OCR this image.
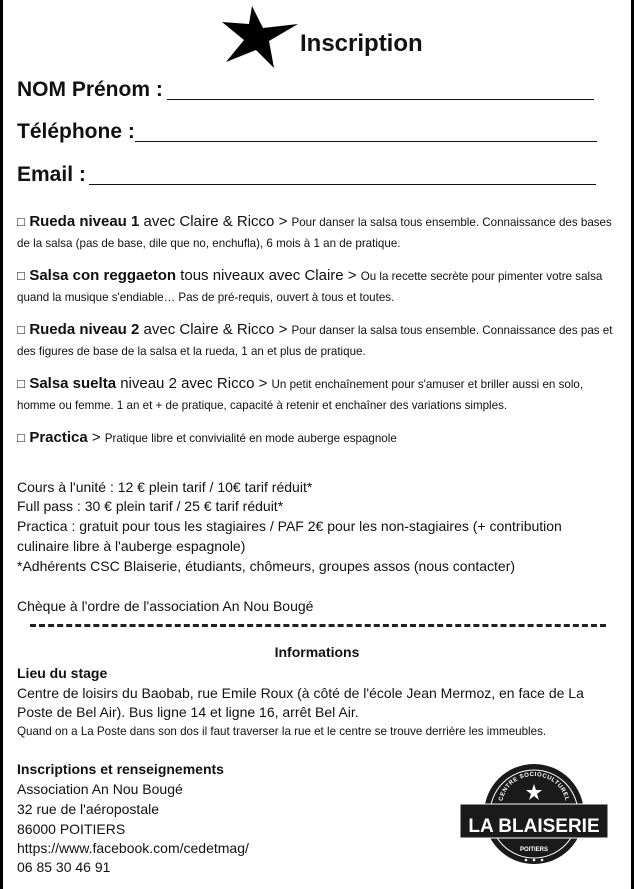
Inscription
NOM Prénom :
Téléphone :
Email :
□ Rueda niveau 1 avec Claire & Ricco > Pour danser la salsa tous ensemble. Connaissance des bases de la salsa (pas de base, dile que no, enchufla), 6 mois à 1 an de pratique.
□ Salsa con reggaeton tous niveaux avec Claire > Ou la recette secrète pour pimenter votre salsa quand la musique s'endiable… Pas de pré-requis, ouvert à tous et toutes.
□ Rueda niveau 2 avec Claire & Ricco > Pour danser la salsa tous ensemble. Connaissance des pas et des figures de base de la salsa et la rueda, 1 an et plus de pratique.
□ Salsa suelta niveau 2 avec Ricco > Un petit enchaînement pour s'amuser et briller aussi en solo, homme ou femme. 1 an et + de pratique, capacité à retenir et enchaîner des variations simples.
□ Practica > Pratique libre et convivialité en mode auberge espagnole
Cours à l'unité : 12 € plein tarif / 10€ tarif réduit*
Full pass : 30 € plein tarif / 25 € tarif réduit*
Practica : gratuit pour tous les stagiaires / PAF 2€ pour les non-stagiaires (+ contribution
culinaire libre à l'auberge espagnole)
*Adhérents CSC Blaiserie, étudiants, chômeurs, groupes assos (nous contacter)
Chèque à l'ordre de l'association An Nou Bougé
Informations
Lieu du stage
Centre de loisirs du Baobab, rue Emile Roux (à côté de l'école Jean Mermoz, en face de La
Poste de Bel Air). Bus ligne 14 et ligne 16, arrêt Bel Air.
Quand on a La Poste dans son dos il faut traverser la rue et le centre se trouve derrière les immeubles.
Inscriptions et renseignements
Association An Nou Bougé
32 rue de l'aéropostale
86000 POITIERS
https://www.facebook.com/cedetmag/
06 85 30 46 91
CENTRE SOCIOCULTUREL
LA BLAISERIE
POITIERS
